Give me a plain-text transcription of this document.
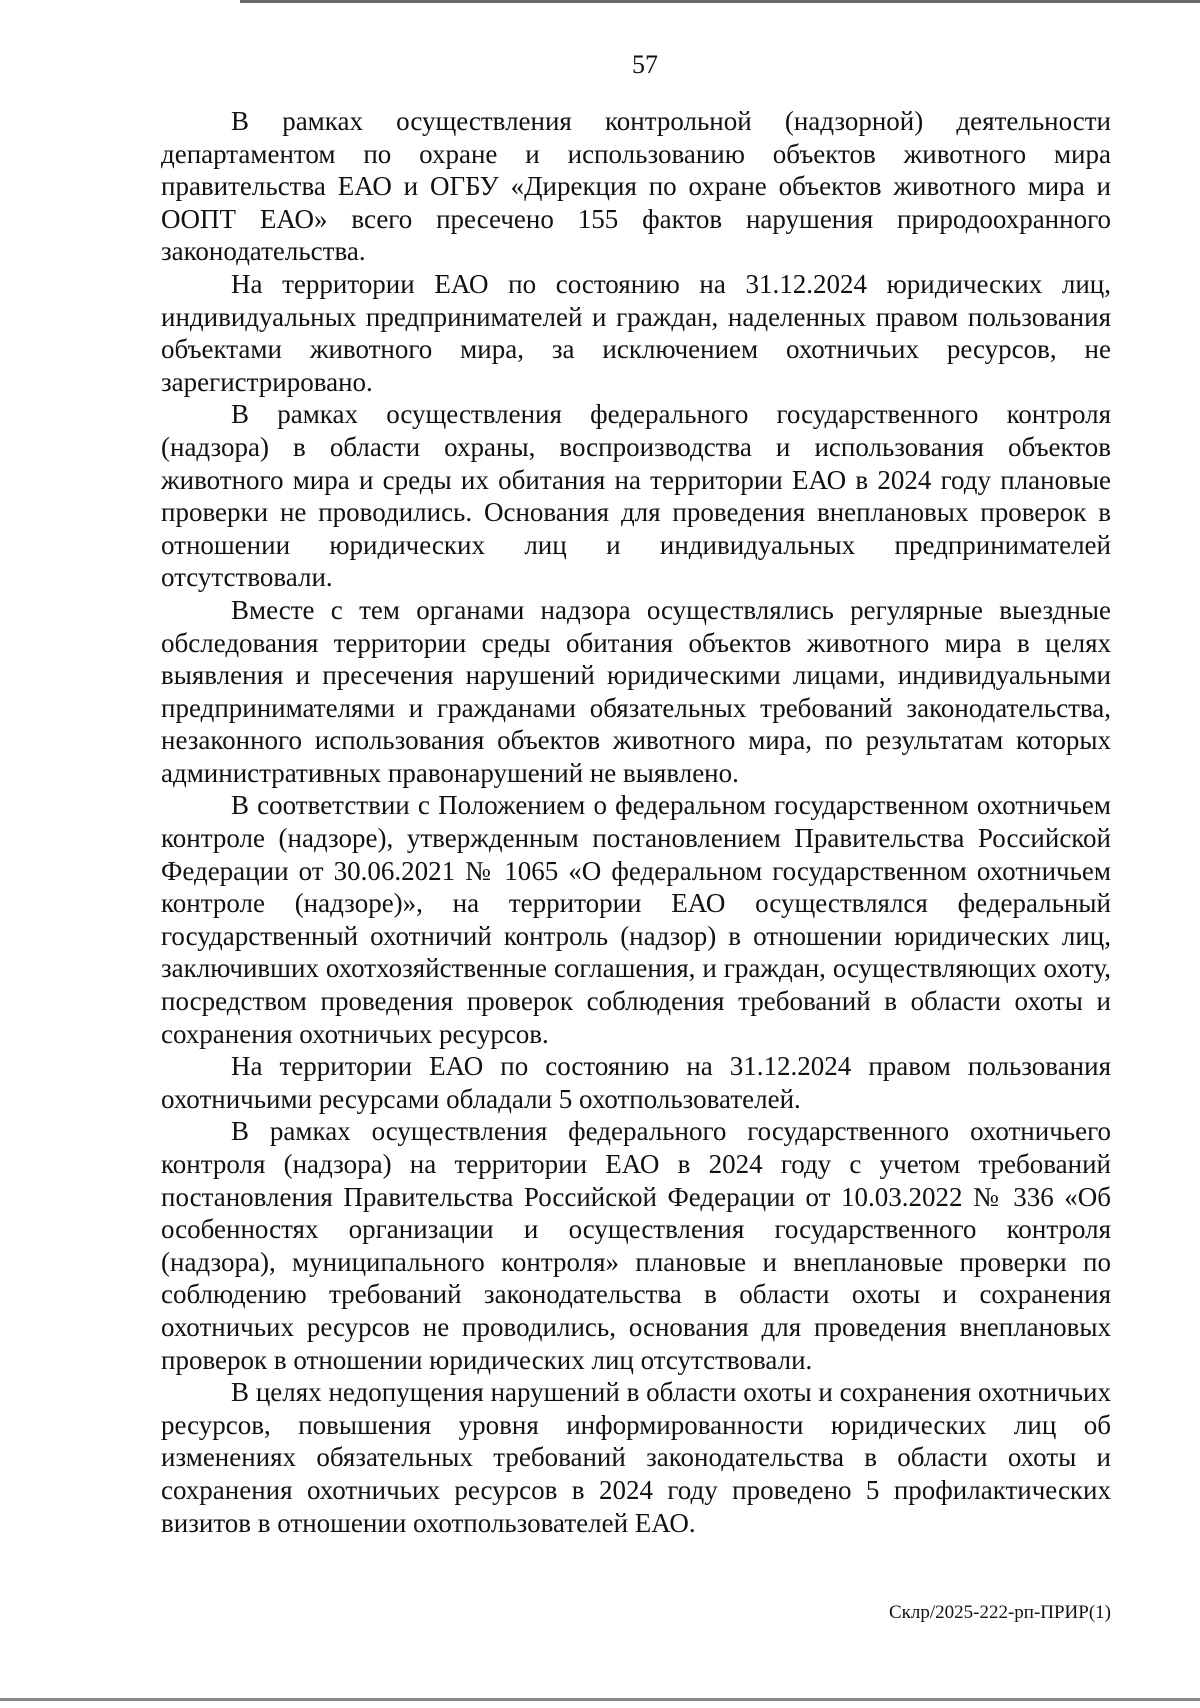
57

В рамках осуществления контрольной (надзорной) деятельности департаментом по охране и использованию объектов животного мира правительства ЕАО и ОГБУ «Дирекция по охране объектов животного мира и ООПТ ЕАО» всего пресечено 155 фактов нарушения природоохранного законодательства.

На территории ЕАО по состоянию на 31.12.2024 юридических лиц, индивидуальных предпринимателей и граждан, наделенных правом пользования объектами животного мира, за исключением охотничьих ресурсов, не зарегистрировано.

В рамках осуществления федерального государственного контроля (надзора) в области охраны, воспроизводства и использования объектов животного мира и среды их обитания на территории ЕАО в 2024 году плановые проверки не проводились. Основания для проведения внеплановых проверок в отношении юридических лиц и индивидуальных предпринимателей отсутствовали.

Вместе с тем органами надзора осуществлялись регулярные выездные обследования территории среды обитания объектов животного мира в целях выявления и пресечения нарушений юридическими лицами, индивидуальными предпринимателями и гражданами обязательных требований законодательства, незаконного использования объектов животного мира, по результатам которых административных правонарушений не выявлено.

В соответствии с Положением о федеральном государственном охотничьем контроле (надзоре), утвержденным постановлением Правительства Российской Федерации от 30.06.2021 № 1065 «О федеральном государственном охотничьем контроле (надзоре)», на территории ЕАО осуществлялся федеральный государственный охотничий контроль (надзор) в отношении юридических лиц, заключивших охотхозяйственные соглашения, и граждан, осуществляющих охоту, посредством проведения проверок соблюдения требований в области охоты и сохранения охотничьих ресурсов.

На территории ЕАО по состоянию на 31.12.2024 правом пользования охотничьими ресурсами обладали 5 охотпользователей.

В рамках осуществления федерального государственного охотничьего контроля (надзора) на территории ЕАО в 2024 году с учетом требований постановления Правительства Российской Федерации от 10.03.2022 № 336 «Об особенностях организации и осуществления государственного контроля (надзора), муниципального контроля» плановые и внеплановые проверки по соблюдению требований законодательства в области охоты и сохранения охотничьих ресурсов не проводились, основания для проведения внеплановых проверок в отношении юридических лиц отсутствовали.

В целях недопущения нарушений в области охоты и сохранения охотничьих ресурсов, повышения уровня информированности юридических лиц об изменениях обязательных требований законодательства в области охоты и сохранения охотничьих ресурсов в 2024 году проведено 5 профилактических визитов в отношении охотпользователей ЕАО.

Склр/2025-222-рп-ПРИР(1)
